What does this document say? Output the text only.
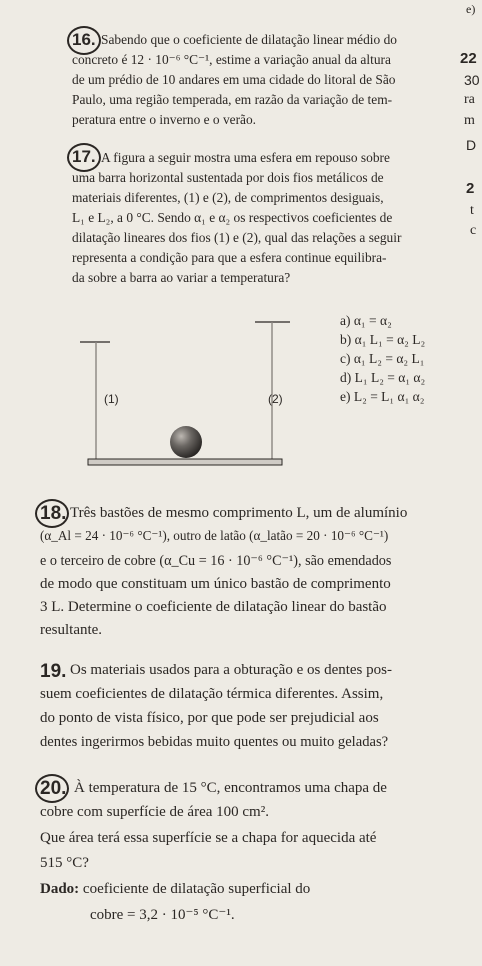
e)
22
30
ra
m
D
2
t
c
16. Sabendo que o coeficiente de dilatação linear médio do
concreto é 12 · 10⁻⁶ °C⁻¹, estime a variação anual da altura
de um prédio de 10 andares em uma cidade do litoral de São
Paulo, uma região temperada, em razão da variação de tem-
peratura entre o inverno e o verão.
17. A figura a seguir mostra uma esfera em repouso sobre
uma barra horizontal sustentada por dois fios metálicos de
materiais diferentes, (1) e (2), de comprimentos desiguais,
L₁ e L₂, a 0 °C. Sendo α₁ e α₂ os respectivos coeficientes de
dilatação lineares dos fios (1) e (2), qual das relações a seguir
representa a condição para que a esfera continue equilibra-
da sobre a barra ao variar a temperatura?
(1)	(2)
a) α₁ = α₂
b) α₁ L₁ = α₂ L₂
c) α₁ L₂ = α₂ L₁
d) L₁ L₂ = α₁ α₂
e) L₂ = L₁ α₁ α₂
18. Três bastões de mesmo comprimento L, um de alumínio
(α_Al = 24 · 10⁻⁶ °C⁻¹), outro de latão (α_latão = 20 · 10⁻⁶ °C⁻¹)
e o terceiro de cobre (α_Cu = 16 · 10⁻⁶ °C⁻¹), são emendados
de modo que constituam um único bastão de comprimento
3 L. Determine o coeficiente de dilatação linear do bastão
resultante.
19. Os materiais usados para a obturação e os dentes pos-
suem coeficientes de dilatação térmica diferentes. Assim,
do ponto de vista físico, por que pode ser prejudicial aos
dentes ingerirmos bebidas muito quentes ou muito geladas?
20. À temperatura de 15 °C, encontramos uma chapa de
cobre com superfície de área 100 cm².
Que área terá essa superfície se a chapa for aquecida até
515 °C?
Dado: coeficiente de dilatação superficial do
cobre = 3,2 · 10⁻⁵ °C⁻¹.
